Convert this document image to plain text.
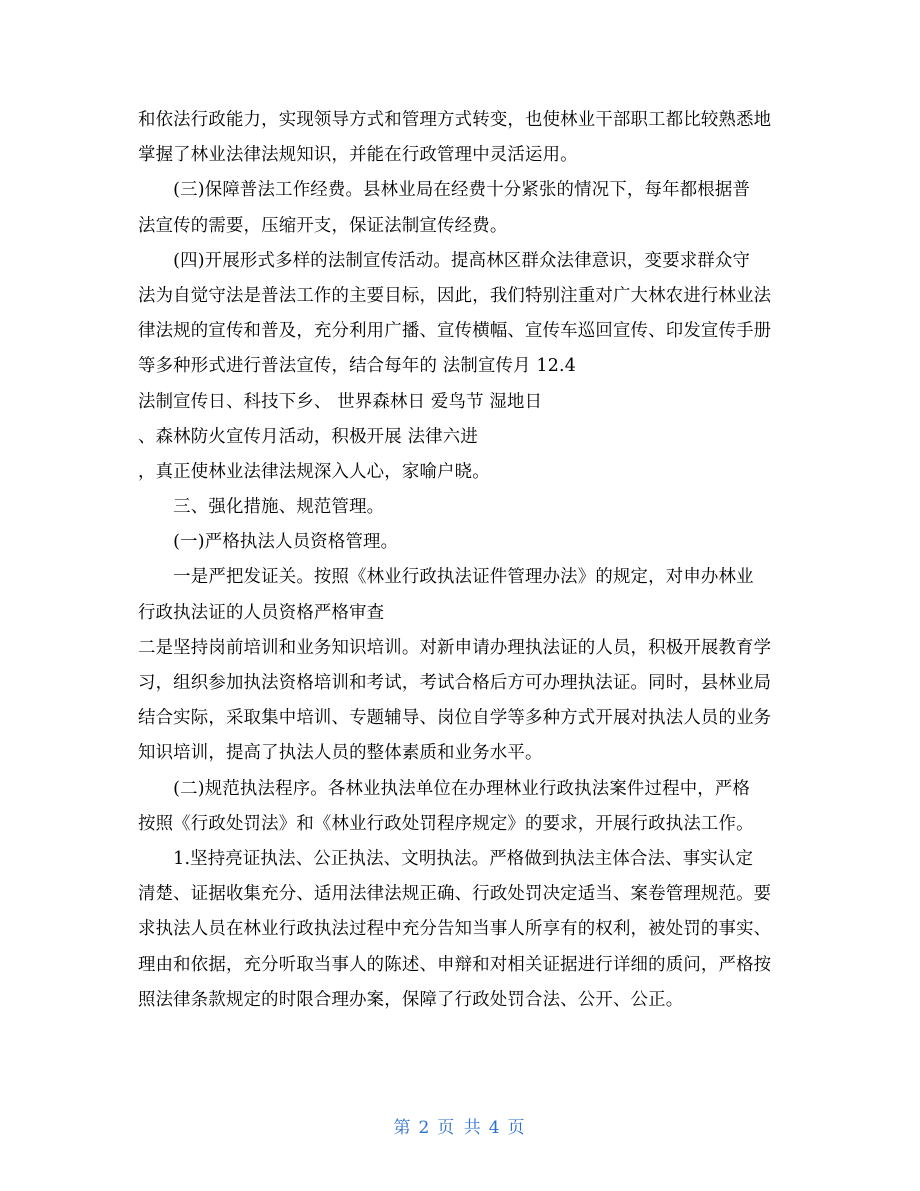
和依法行政能力，实现领导方式和管理方式转变，也使林业干部职工都比较熟悉地
掌握了林业法律法规知识，并能在行政管理中灵活运用。
　　(三)保障普法工作经费。县林业局在经费十分紧张的情况下，每年都根据普
法宣传的需要，压缩开支，保证法制宣传经费。
　　(四)开展形式多样的法制宣传活动。提高林区群众法律意识，变要求群众守
法为自觉守法是普法工作的主要目标，因此，我们特别注重对广大林农进行林业法
律法规的宣传和普及，充分利用广播、宣传横幅、宣传车巡回宣传、印发宣传手册
等多种形式进行普法宣传，结合每年的 法制宣传月 12.4
法制宣传日、科技下乡、 世界森林日 爱鸟节 湿地日
、森林防火宣传月活动，积极开展 法律六进
，真正使林业法律法规深入人心，家喻户晓。
　　三、强化措施、规范管理。
　　(一)严格执法人员资格管理。
　　一是严把发证关。按照《林业行政执法证件管理办法》的规定，对申办林业
行政执法证的人员资格严格审查
二是坚持岗前培训和业务知识培训。对新申请办理执法证的人员，积极开展教育学
习，组织参加执法资格培训和考试，考试合格后方可办理执法证。同时，县林业局
结合实际，采取集中培训、专题辅导、岗位自学等多种方式开展对执法人员的业务
知识培训，提高了执法人员的整体素质和业务水平。
　　(二)规范执法程序。各林业执法单位在办理林业行政执法案件过程中，严格
按照《行政处罚法》和《林业行政处罚程序规定》的要求，开展行政执法工作。
　　1.坚持亮证执法、公正执法、文明执法。严格做到执法主体合法、事实认定
清楚、证据收集充分、适用法律法规正确、行政处罚决定适当、案卷管理规范。要
求执法人员在林业行政执法过程中充分告知当事人所享有的权利，被处罚的事实、
理由和依据，充分听取当事人的陈述、申辩和对相关证据进行详细的质问，严格按
照法律条款规定的时限合理办案，保障了行政处罚合法、公开、公正。
第 2 页 共 4 页
